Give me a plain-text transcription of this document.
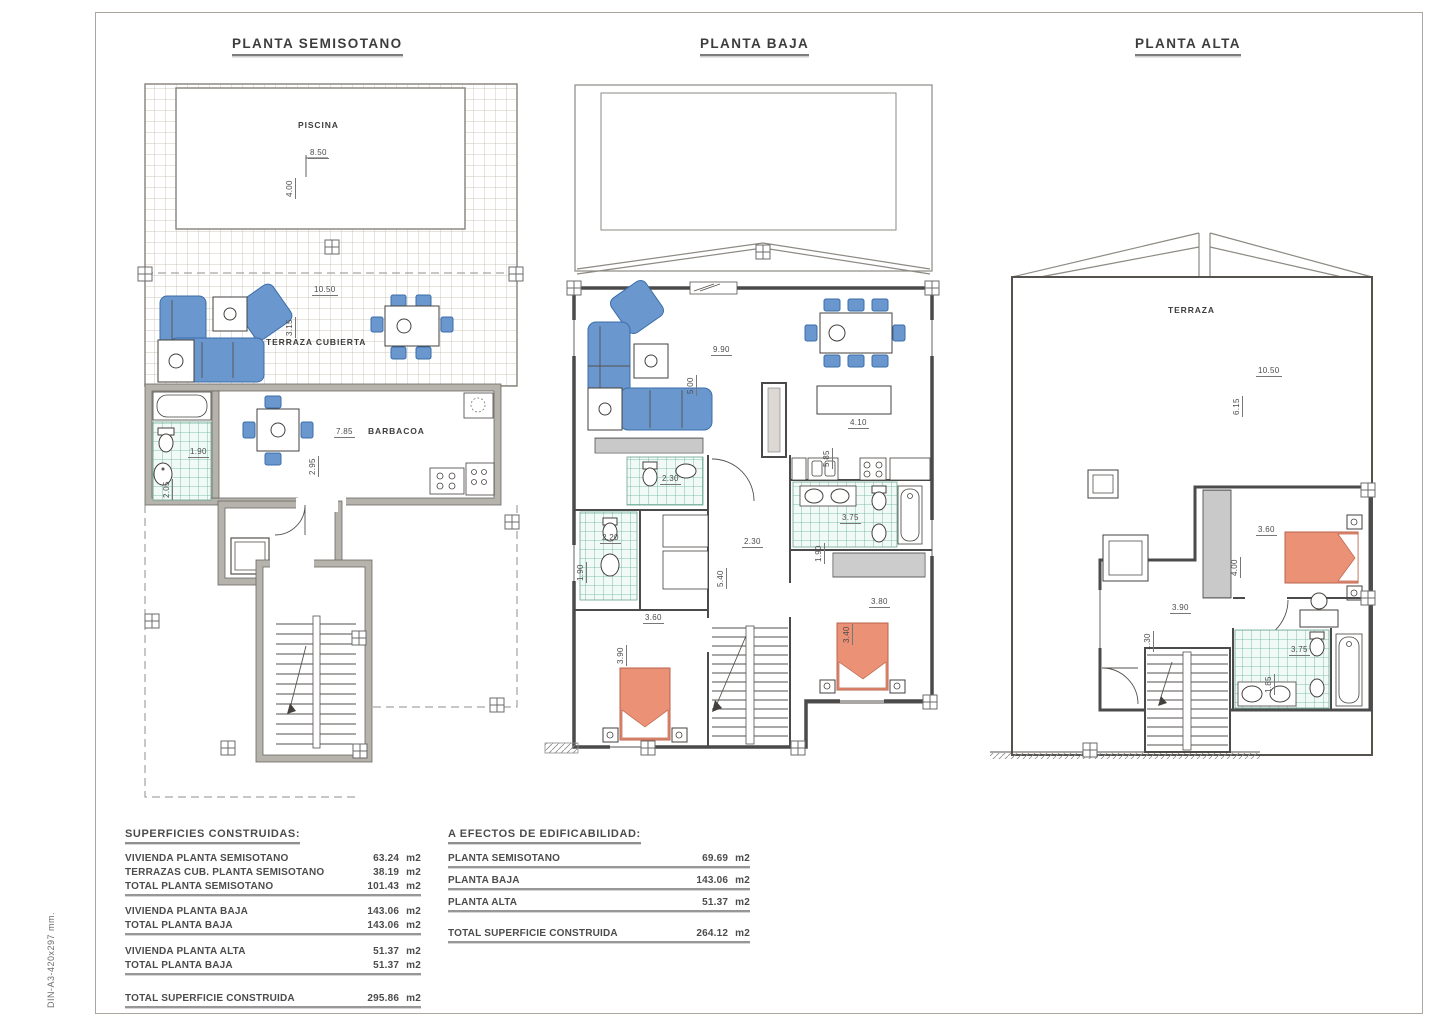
DIN-A3-420x297 mm.
PLANTA SEMISOTANO	PLANTA BAJA	PLANTA ALTA
PISCINA
TERRAZA CUBIERTA
BARBACOA
TERRAZA
8.50
4.00
10.50
3.15
7.85
2.95
1.90
2.05
9.90
5.00
4.10
5.85
2.30
2.20
1.90
2.30
5.40
3.75
1.90
3.60
3.90
3.80
3.40
10.50
6.15
3.60
4.00
3.90
1.30	3.75
1.85
SUPERFICIES CONSTRUIDAS:
VIVIENDA PLANTA SEMISOTANO	63.24 m2
TERRAZAS CUB. PLANTA SEMISOTANO	38.19 m2
TOTAL PLANTA SEMISOTANO	101.43 m2
VIVIENDA PLANTA BAJA	143.06 m2
TOTAL PLANTA BAJA	143.06 m2
VIVIENDA PLANTA ALTA	51.37 m2
TOTAL PLANTA BAJA	51.37 m2
TOTAL SUPERFICIE CONSTRUIDA	295.86 m2
A EFECTOS DE EDIFICABILIDAD:
PLANTA SEMISOTANO	69.69 m2
PLANTA BAJA	143.06 m2
PLANTA ALTA	51.37 m2
TOTAL SUPERFICIE CONSTRUIDA	264.12 m2
